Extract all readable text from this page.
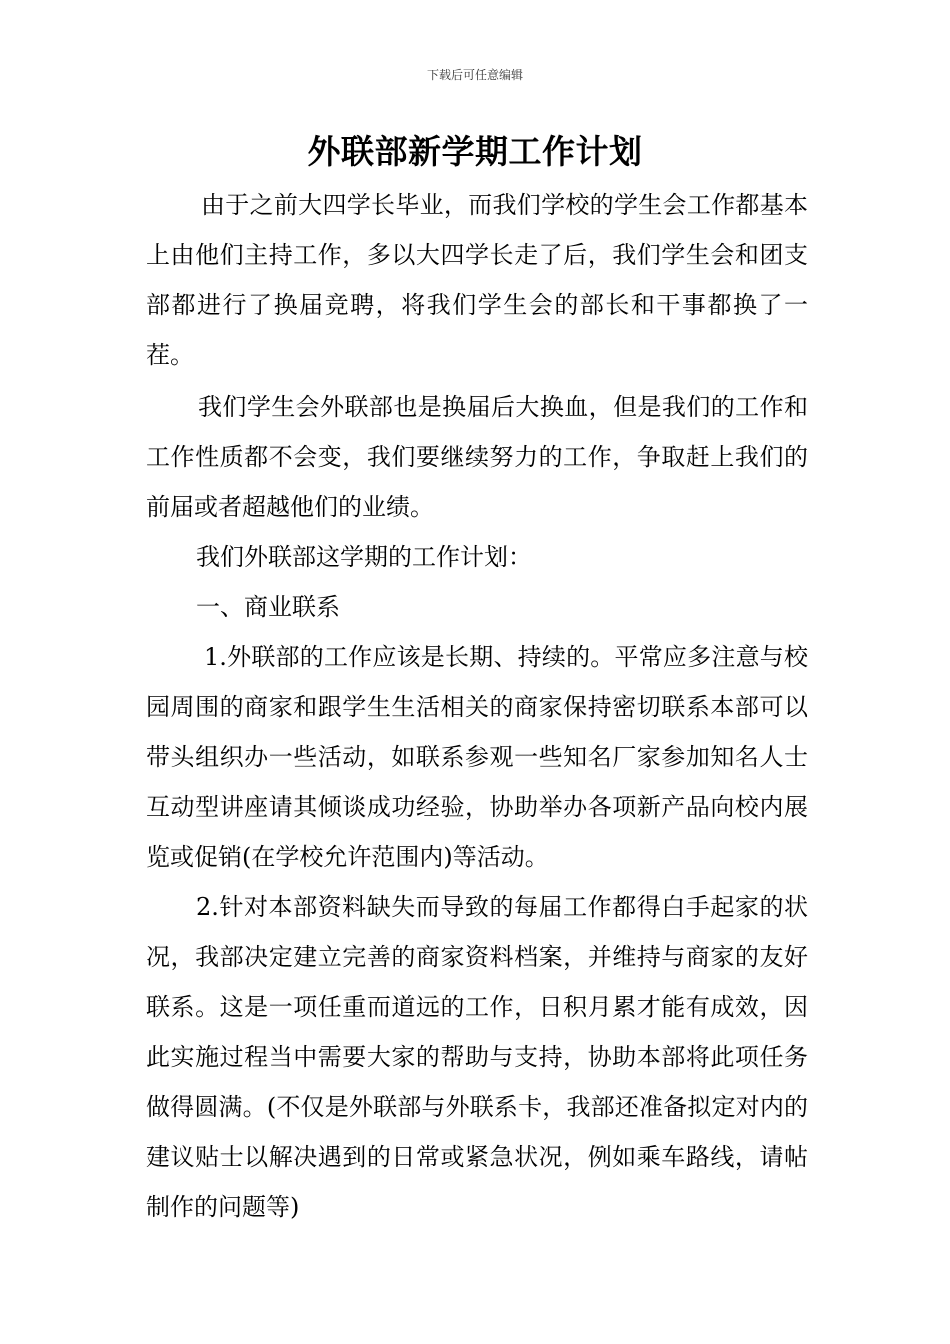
下载后可任意编辑
外联部新学期工作计划

由于之前大四学长毕业，而我们学校的学生会工作都基本上由他们主持工作，多以大四学长走了后，我们学生会和团支部都进行了换届竞聘，将我们学生会的部长和干事都换了一茬。

我们学生会外联部也是换届后大换血，但是我们的工作和工作性质都不会变，我们要继续努力的工作，争取赶上我们的前届或者超越他们的业绩。

我们外联部这学期的工作计划：

一、商业联系

1.外联部的工作应该是长期、持续的。平常应多注意与校园周围的商家和跟学生生活相关的商家保持密切联系本部可以带头组织办一些活动，如联系参观一些知名厂家参加知名人士互动型讲座请其倾谈成功经验，协助举办各项新产品向校内展览或促销(在学校允许范围内)等活动。

2.针对本部资料缺失而导致的每届工作都得白手起家的状况，我部决定建立完善的商家资料档案，并维持与商家的友好联系。这是一项任重而道远的工作，日积月累才能有成效，因此实施过程当中需要大家的帮助与支持，协助本部将此项任务做得圆满。(不仅是外联部与外联系卡，我部还准备拟定对内的建议贴士以解决遇到的日常或紧急状况，例如乘车路线，请帖制作的问题等)
